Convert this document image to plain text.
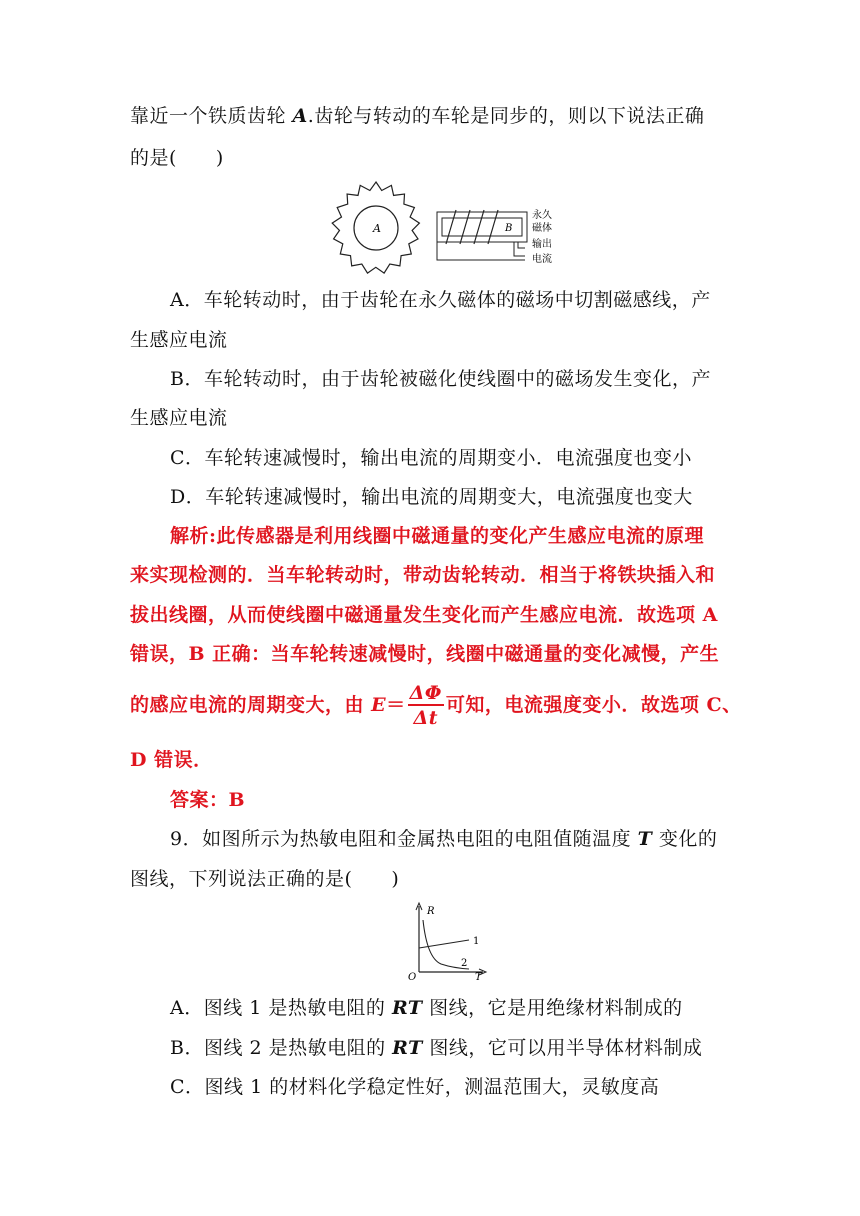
靠近一个铁质齿轮 A.齿轮与转动的车轮是同步的，则以下说法正确
的是(　　)
A	B
永久
磁体
输出
电流
A．车轮转动时，由于齿轮在永久磁体的磁场中切割磁感线，产
生感应电流
B．车轮转动时，由于齿轮被磁化使线圈中的磁场发生变化，产
生感应电流
C．车轮转速减慢时，输出电流的周期变小．电流强度也变小
D．车轮转速减慢时，输出电流的周期变大，电流强度也变大
解析:此传感器是利用线圈中磁通量的变化产生感应电流的原理
来实现检测的．当车轮转动时，带动齿轮转动．相当于将铁块插入和
拔出线圈，从而使线圈中磁通量发生变化而产生感应电流．故选项 A
错误，B 正确：当车轮转速减慢时，线圈中磁通量的变化减慢，产生
的感应电流的周期变大，由 $E= \frac{\Delta\Phi}{\Delta t}$ 可知，电流强度变小．故选项 C、
D 错误．
答案：B
9．如图所示为热敏电阻和金属热电阻的电阻值随温度 T 变化的
图线，下列说法正确的是(　　)
R
T
O
1
2
A．图线 1 是热敏电阻的 RT 图线，它是用绝缘材料制成的
B．图线 2 是热敏电阻的 RT 图线，它可以用半导体材料制成
C．图线 1 的材料化学稳定性好，测温范围大，灵敏度高
